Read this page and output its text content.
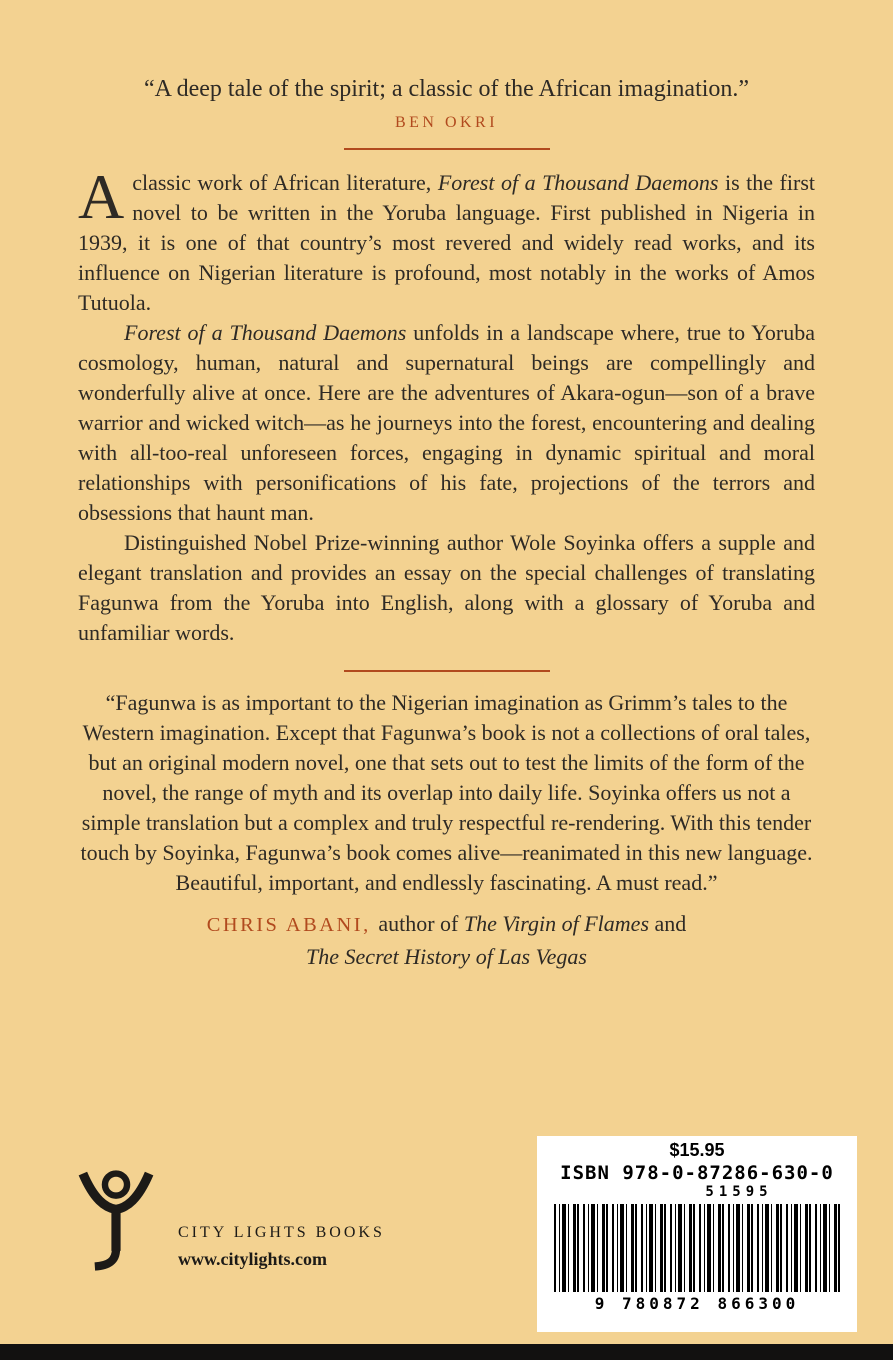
“A deep tale of the spirit; a classic of the African imagination.”

BEN OKRI

Aclassic work of African literature, Forest of a Thousand Daemons is the first novel to be written in the Yoruba language. First published in Nigeria in 1939, it is one of that country’s most revered and widely read works, and its influence on Nigerian literature is profound, most notably in the works of Amos Tutuola.

Forest of a Thousand Daemons unfolds in a landscape where, true to Yoruba cosmology, human, natural and supernatural beings are compellingly and wonderfully alive at once. Here are the adventures of Akara-ogun—son of a brave warrior and wicked witch—as he journeys into the forest, encountering and dealing with all-too-real unforeseen forces, engaging in dynamic spiritual and moral relationships with personifications of his fate, projections of the terrors and obsessions that haunt man.

Distinguished Nobel Prize-winning author Wole Soyinka offers a supple and elegant translation and provides an essay on the special challenges of translating Fagunwa from the Yoruba into English, along with a glossary of Yoruba and unfamiliar words.

“Fagunwa is as important to the Nigerian imagination as Grimm’s tales to the Western imagination. Except that Fagunwa’s book is not a collections of oral tales, but an original modern novel, one that sets out to test the limits of the form of the novel, the range of myth and its overlap into daily life. Soyinka offers us not a simple translation but a complex and truly respectful re-rendering. With this tender touch by Soyinka, Fagunwa’s book comes alive—reanimated in this new language. Beautiful, important, and endlessly fascinating. A must read.”

CHRIS ABANI, author of The Virgin of Flames and

The Secret History of Las Vegas

CITY LIGHTS BOOKS
www.citylights.com
$15.95
ISBN 978-0-87286-630-0
51595
9 780872 866300
